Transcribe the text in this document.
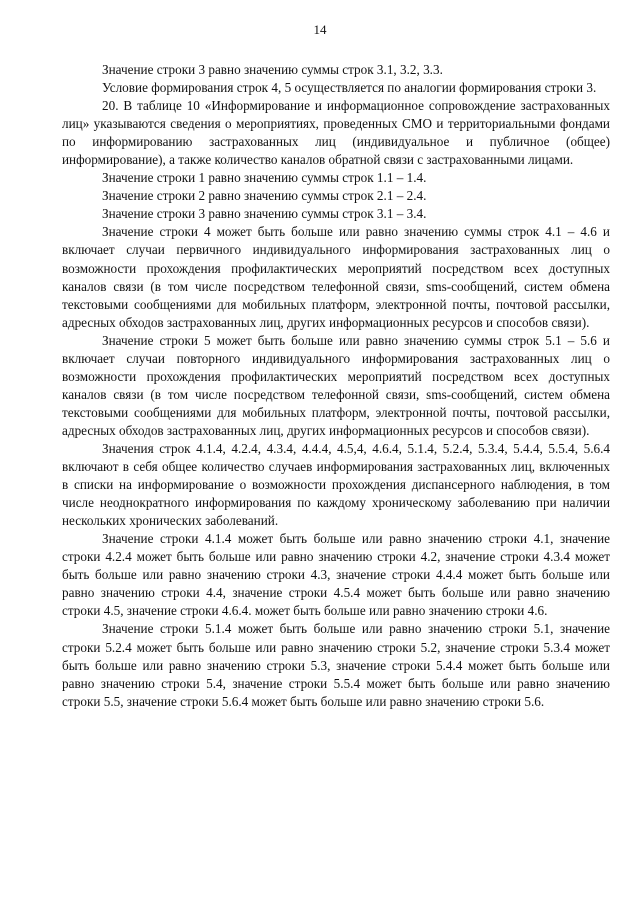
14

Значение строки 3 равно значению суммы строк 3.1, 3.2, 3.3.

Условие формирования строк 4, 5 осуществляется по аналогии формирования строки 3.

20. В таблице 10 «Информирование и информационное сопровождение застрахованных лиц» указываются сведения о мероприятиях, проведенных СМО и территориальными фондами по информированию застрахованных лиц (индивидуальное и публичное (общее) информирование), а также количество каналов обратной связи с застрахованными лицами.

Значение строки 1 равно значению суммы строк 1.1 – 1.4.

Значение строки 2 равно значению суммы строк 2.1 – 2.4.

Значение строки 3 равно значению суммы строк 3.1 – 3.4.

Значение строки 4 может быть больше или равно значению суммы строк 4.1 – 4.6 и включает случаи первичного индивидуального информирования застрахованных лиц о возможности прохождения профилактических мероприятий посредством всех доступных каналов связи (в том числе посредством телефонной связи, sms-сообщений, систем обмена текстовыми сообщениями для мобильных платформ, электронной почты, почтовой рассылки, адресных обходов застрахованных лиц, других информационных ресурсов и способов связи).

Значение строки 5 может быть больше или равно значению суммы строк 5.1 – 5.6 и включает случаи повторного индивидуального информирования застрахованных лиц о возможности прохождения профилактических мероприятий посредством всех доступных каналов связи (в том числе посредством телефонной связи, sms-сообщений, систем обмена текстовыми сообщениями для мобильных платформ, электронной почты, почтовой рассылки, адресных обходов застрахованных лиц, других информационных ресурсов и способов связи).

Значения строк 4.1.4, 4.2.4, 4.3.4, 4.4.4, 4.5,4, 4.6.4, 5.1.4, 5.2.4, 5.3.4, 5.4.4, 5.5.4, 5.6.4 включают в себя общее количество случаев информирования застрахованных лиц, включенных в списки на информирование о возможности прохождения диспансерного наблюдения, в том числе неоднократного информирования по каждому хроническому заболеванию при наличии нескольких хронических заболеваний.

Значение строки 4.1.4 может быть больше или равно значению строки 4.1, значение строки 4.2.4 может быть больше или равно значению строки 4.2, значение строки 4.3.4 может быть больше или равно значению строки 4.3, значение строки 4.4.4 может быть больше или равно значению строки 4.4, значение строки 4.5.4 может быть больше или равно значению строки 4.5, значение строки 4.6.4. может быть больше или равно значению строки 4.6.

Значение строки 5.1.4 может быть больше или равно значению строки 5.1, значение строки 5.2.4 может быть больше или равно значению строки 5.2, значение строки 5.3.4 может быть больше или равно значению строки 5.3, значение строки 5.4.4 может быть больше или равно значению строки 5.4, значение строки 5.5.4 может быть больше или равно значению строки 5.5, значение строки 5.6.4 может быть больше или равно значению строки 5.6.
